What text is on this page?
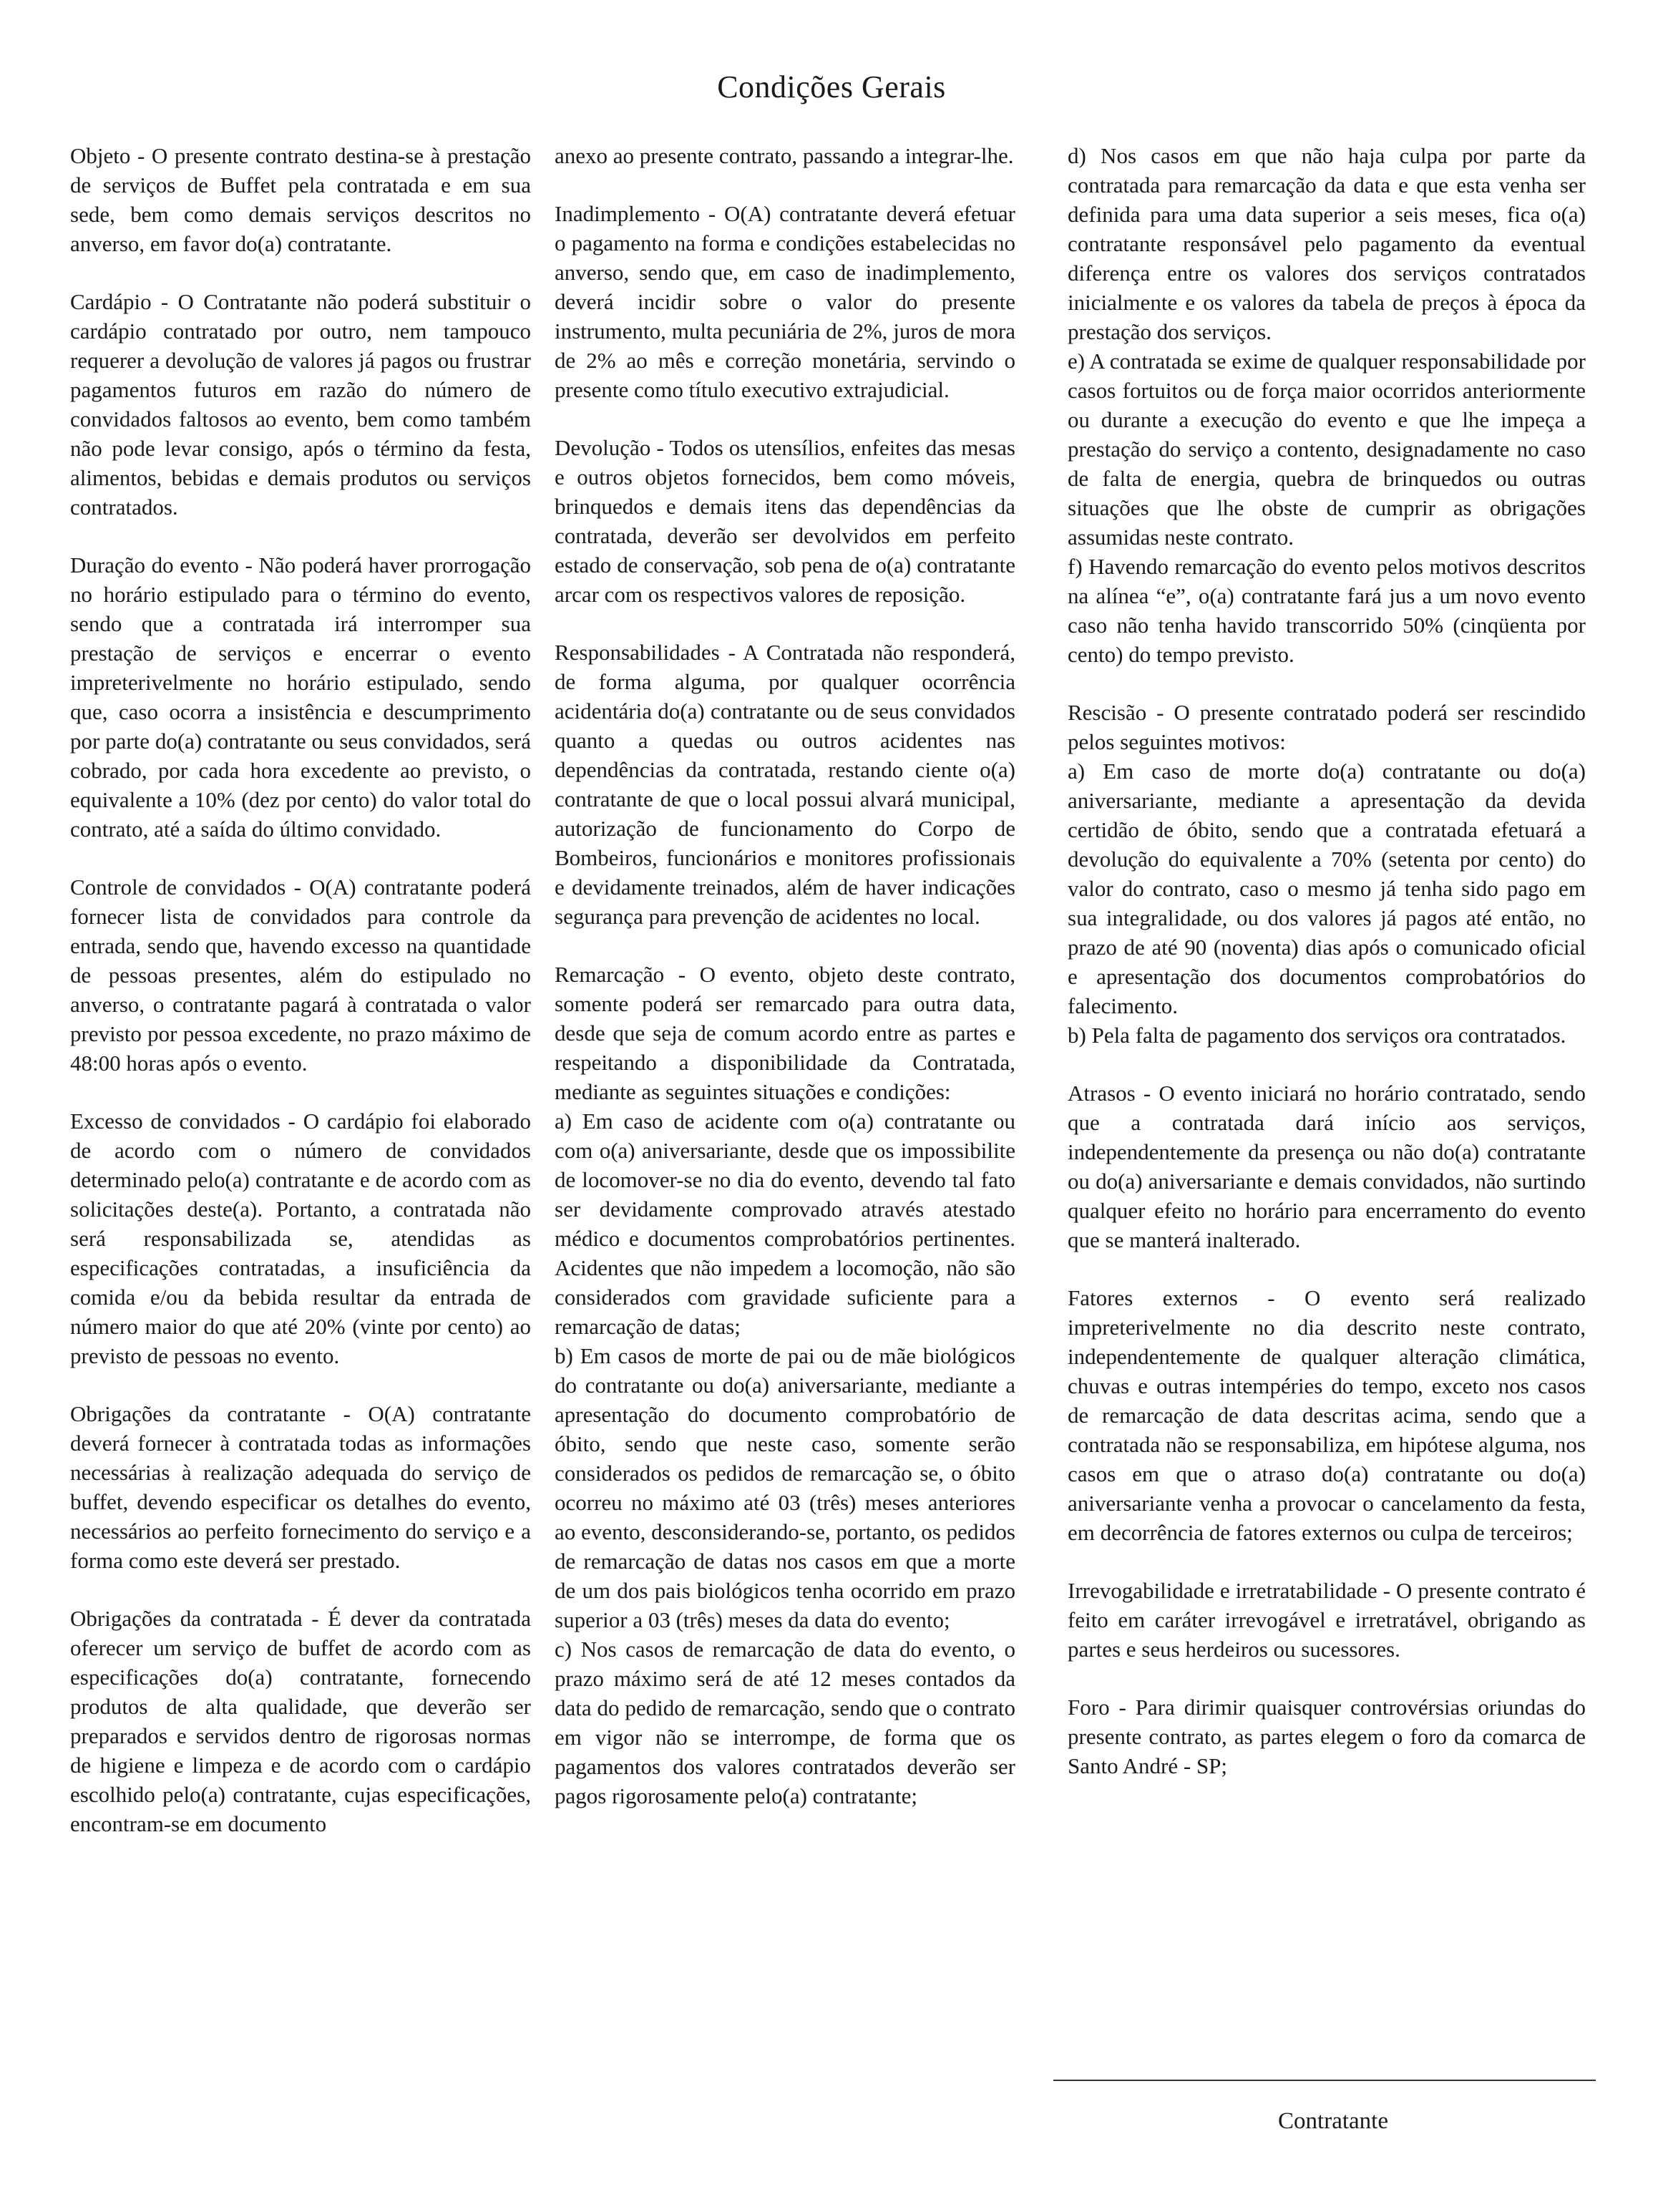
Condições Gerais

Objeto - O presente contrato destina-se à prestação de serviços de Buffet pela contratada e em sua sede, bem como demais serviços descritos no anverso, em favor do(a) contratante.

Cardápio - O Contratante não poderá substituir o cardápio contratado por outro, nem tampouco requerer a devolução de valores já pagos ou frustrar pagamentos futuros em razão do número de convidados faltosos ao evento, bem como também não pode levar consigo, após o término da festa, alimentos, bebidas e demais produtos ou serviços contratados.

Duração do evento - Não poderá haver prorrogação no horário estipulado para o término do evento, sendo que a contratada irá interromper sua prestação de serviços e encerrar o evento impreterivelmente no horário estipulado, sendo que, caso ocorra a insistência e descumprimento por parte do(a) contratante ou seus convidados, será cobrado, por cada hora excedente ao previsto, o equivalente a 10% (dez por cento) do valor total do contrato, até a saída do último convidado.

Controle de convidados - O(A) contratante poderá fornecer lista de convidados para controle da entrada, sendo que, havendo excesso na quantidade de pessoas presentes, além do estipulado no anverso, o contratante pagará à contratada o valor previsto por pessoa excedente, no prazo máximo de 48:00 horas após o evento.

Excesso de convidados - O cardápio foi elaborado de acordo com o número de convidados determinado pelo(a) contratante e de acordo com as solicitações deste(a). Portanto, a contratada não será responsabilizada se, atendidas as especificações contratadas, a insuficiência da comida e/ou da bebida resultar da entrada de número maior do que até 20% (vinte por cento) ao previsto de pessoas no evento.

Obrigações da contratante - O(A) contratante deverá fornecer à contratada todas as informações necessárias à realização adequada do serviço de buffet, devendo especificar os detalhes do evento, necessários ao perfeito fornecimento do serviço e a forma como este deverá ser prestado.

Obrigações da contratada - É dever da contratada oferecer um serviço de buffet de acordo com as especificações do(a) contratante, fornecendo produtos de alta qualidade, que deverão ser preparados e servidos dentro de rigorosas normas de higiene e limpeza e de acordo com o cardápio escolhido pelo(a) contratante, cujas especificações, encontram-se em documento

anexo ao presente contrato, passando a integrar-lhe.

Inadimplemento - O(A) contratante deverá efetuar o pagamento na forma e condições estabelecidas no anverso, sendo que, em caso de inadimplemento, deverá incidir sobre o valor do presente instrumento, multa pecuniária de 2%, juros de mora de 2% ao mês e correção monetária, servindo o presente como título executivo extrajudicial.

Devolução - Todos os utensílios, enfeites das mesas e outros objetos fornecidos, bem como móveis, brinquedos e demais itens das dependências da contratada, deverão ser devolvidos em perfeito estado de conservação, sob pena de o(a) contratante arcar com os respectivos valores de reposição.

Responsabilidades - A Contratada não responderá, de forma alguma, por qualquer ocorrência acidentária do(a) contratante ou de seus convidados quanto a quedas ou outros acidentes nas dependências da contratada, restando ciente o(a) contratante de que o local possui alvará municipal, autorização de funcionamento do Corpo de Bombeiros, funcionários e monitores profissionais e devidamente treinados, além de haver indicações segurança para prevenção de acidentes no local.

Remarcação - O evento, objeto deste contrato, somente poderá ser remarcado para outra data, desde que seja de comum acordo entre as partes e respeitando a disponibilidade da Contratada, mediante as seguintes situações e condições:

a) Em caso de acidente com o(a) contratante ou com o(a) aniversariante, desde que os impossibilite de locomover-se no dia do evento, devendo tal fato ser devidamente comprovado através atestado médico e documentos comprobatórios pertinentes. Acidentes que não impedem a locomoção, não são considerados com gravidade suficiente para a remarcação de datas;

b) Em casos de morte de pai ou de mãe biológicos do contratante ou do(a) aniversariante, mediante a apresentação do documento comprobatório de óbito, sendo que neste caso, somente serão considerados os pedidos de remarcação se, o óbito ocorreu no máximo até 03 (três) meses anteriores ao evento, desconsiderando-se, portanto, os pedidos de remarcação de datas nos casos em que a morte de um dos pais biológicos tenha ocorrido em prazo superior a 03 (três) meses da data do evento;

c) Nos casos de remarcação de data do evento, o prazo máximo será de até 12 meses contados da data do pedido de remarcação, sendo que o contrato em vigor não se interrompe, de forma que os pagamentos dos valores contratados deverão ser pagos rigorosamente pelo(a) contratante;

d) Nos casos em que não haja culpa por parte da contratada para remarcação da data e que esta venha ser definida para uma data superior a seis meses, fica o(a) contratante responsável pelo pagamento da eventual diferença entre os valores dos serviços contratados inicialmente e os valores da tabela de preços à época da prestação dos serviços.

e) A contratada se exime de qualquer responsabilidade por casos fortuitos ou de força maior ocorridos anteriormente ou durante a execução do evento e que lhe impeça a prestação do serviço a contento, designadamente no caso de falta de energia, quebra de brinquedos ou outras situações que lhe obste de cumprir as obrigações assumidas neste contrato.

f) Havendo remarcação do evento pelos motivos descritos na alínea “e”, o(a) contratante fará jus a um novo evento caso não tenha havido transcorrido 50% (cinqüenta por cento) do tempo previsto.

Rescisão - O presente contratado poderá ser rescindido pelos seguintes motivos:

a) Em caso de morte do(a) contratante ou do(a) aniversariante, mediante a apresentação da devida certidão de óbito, sendo que a contratada efetuará a devolução do equivalente a 70% (setenta por cento) do valor do contrato, caso o mesmo já tenha sido pago em sua integralidade, ou dos valores já pagos até então, no prazo de até 90 (noventa) dias após o comunicado oficial e apresentação dos documentos comprobatórios do falecimento.

b) Pela falta de pagamento dos serviços ora contratados.

Atrasos - O evento iniciará no horário contratado, sendo que a contratada dará início aos serviços, independentemente da presença ou não do(a) contratante ou do(a) aniversariante e demais convidados, não surtindo qualquer efeito no horário para encerramento do evento que se manterá inalterado.

Fatores externos - O evento será realizado impreterivelmente no dia descrito neste contrato, independentemente de qualquer alteração climática, chuvas e outras intempéries do tempo, exceto nos casos de remarcação de data descritas acima, sendo que a contratada não se responsabiliza, em hipótese alguma, nos casos em que o atraso do(a) contratante ou do(a) aniversariante venha a provocar o cancelamento da festa, em decorrência de fatores externos ou culpa de terceiros;

Irrevogabilidade e irretratabilidade - O presente contrato é feito em caráter irrevogável e irretratável, obrigando as partes e seus herdeiros ou sucessores.

Foro - Para dirimir quaisquer controvérsias oriundas do presente contrato, as partes elegem o foro da comarca de Santo André - SP;

Contratante
